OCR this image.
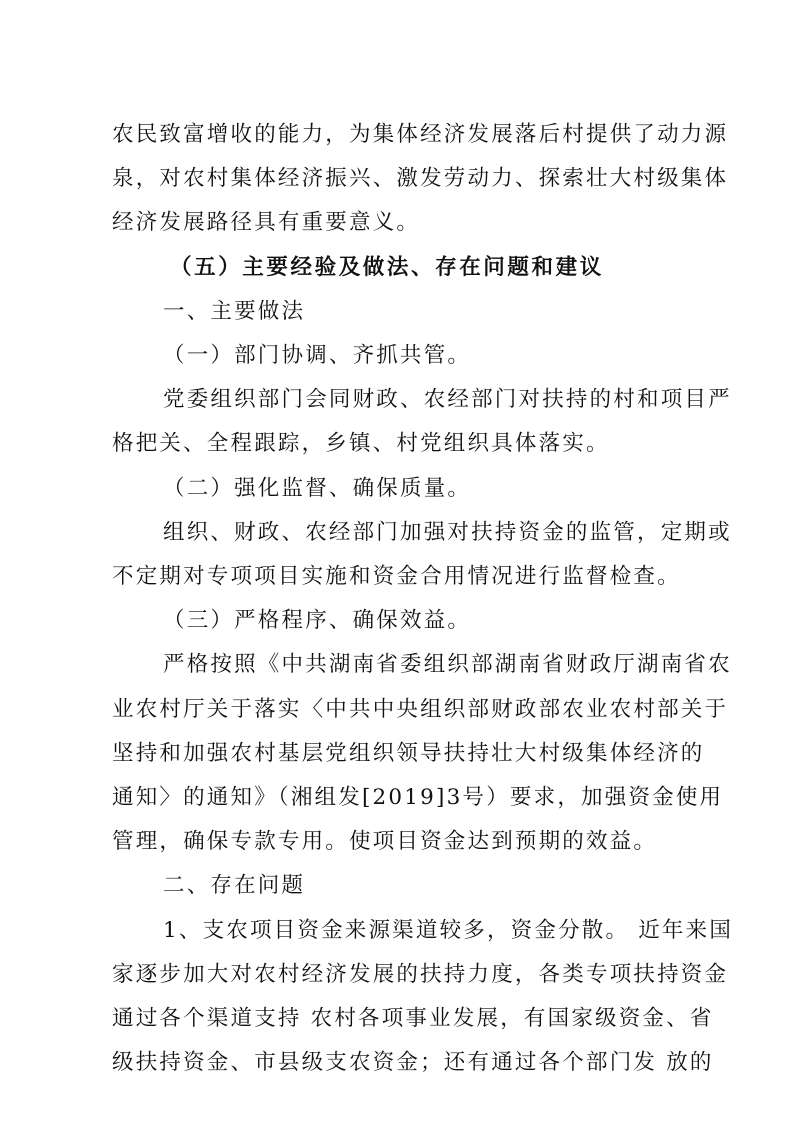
农民致富增收的能力，为集体经济发展落后村提供了动力源
泉，对农村集体经济振兴、激发劳动力、探索壮大村级集体
经济发展路径具有重要意义。
（五）主要经验及做法、存在问题和建议
一、主要做法
（一）部门协调、齐抓共管。
党委组织部门会同财政、农经部门对扶持的村和项目严
格把关、全程跟踪，乡镇、村党组织具体落实。
（二）强化监督、确保质量。
组织、财政、农经部门加强对扶持资金的监管，定期或
不定期对专项项目实施和资金合用情况进行监督检查。
（三）严格程序、确保效益。
严格按照《中共湖南省委组织部湖南省财政厅湖南省农
业农村厅关于落实〈中共中央组织部财政部农业农村部关于
坚持和加强农村基层党组织领导扶持壮大村级集体经济的
通知〉的通知》（湘组发[2019]3号）要求，加强资金使用
管理，确保专款专用。使项目资金达到预期的效益。
二、存在问题
1、支农项目资金来源渠道较多，资金分散。 近年来国
家逐步加大对农村经济发展的扶持力度，各类专项扶持资金
通过各个渠道支持 农村各项事业发展，有国家级资金、省
级扶持资金、市县级支农资金；还有通过各个部门发 放的
